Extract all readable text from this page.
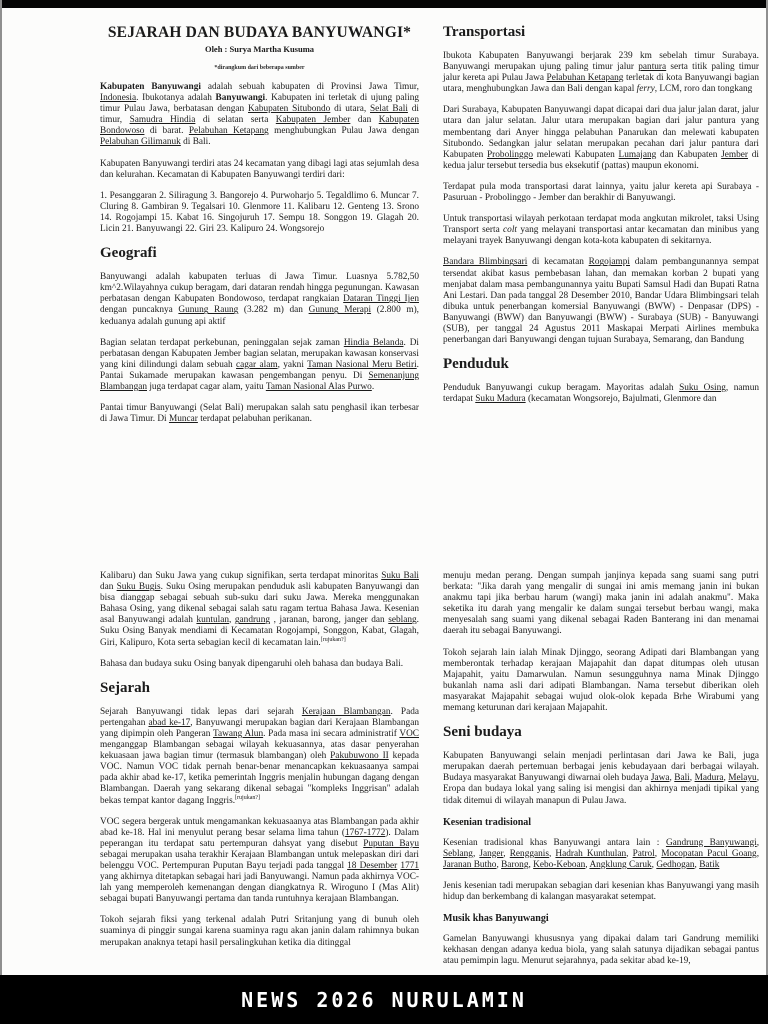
SEJARAH DAN BUDAYA BANYUWANGI*

Oleh : Surya Martha Kusuma

*dirangkum dari beberapa sumber

Kabupaten Banyuwangi adalah sebuah kabupaten di Provinsi Jawa Timur, Indonesia. Ibukotanya adalah Banyuwangi. Kabupaten ini terletak di ujung paling timur Pulau Jawa, berbatasan dengan Kabupaten Situbondo di utara, Selat Bali di timur, Samudra Hindia di selatan serta Kabupaten Jember dan Kabupaten Bondowoso di barat. Pelabuhan Ketapang menghubungkan Pulau Jawa dengan Pelabuhan Gilimanuk di Bali.

Kabupaten Banyuwangi terdiri atas 24 kecamatan yang dibagi lagi atas sejumlah desa dan kelurahan. Kecamatan di Kabupaten Banyuwangi terdiri dari:

1. Pesanggaran 2. Siliragung 3. Bangorejo 4. Purwoharjo 5. Tegaldlimo 6. Muncar 7. Cluring 8. Gambiran 9. Tegalsari 10. Glenmore 11. Kalibaru 12. Genteng 13. Srono 14. Rogojampi 15. Kabat 16. Singojuruh 17. Sempu 18. Songgon 19. Glagah 20. Licin 21. Banyuwangi 22. Giri 23. Kalipuro 24. Wongsorejo

Geografi

Banyuwangi adalah kabupaten terluas di Jawa Timur. Luasnya 5.782,50 km^2.Wilayahnya cukup beragam, dari dataran rendah hingga pegunungan. Kawasan perbatasan dengan Kabupaten Bondowoso, terdapat rangkaian Dataran Tinggi Ijen dengan puncaknya Gunung Raung (3.282 m) dan Gunung Merapi (2.800 m), keduanya adalah gunung api aktif

Bagian selatan terdapat perkebunan, peninggalan sejak zaman Hindia Belanda. Di perbatasan dengan Kabupaten Jember bagian selatan, merupakan kawasan konservasi yang kini dilindungi dalam sebuah cagar alam, yakni Taman Nasional Meru Betiri. Pantai Sukamade merupakan kawasan pengembangan penyu. Di Semenanjung Blambangan juga terdapat cagar alam, yaitu Taman Nasional Alas Purwo.

Pantai timur Banyuwangi (Selat Bali) merupakan salah satu penghasil ikan terbesar di Jawa Timur. Di Muncar terdapat pelabuhan perikanan.

Transportasi

Ibukota Kabupaten Banyuwangi berjarak 239 km sebelah timur Surabaya. Banyuwangi merupakan ujung paling timur jalur pantura serta titik paling timur jalur kereta api Pulau Jawa Pelabuhan Ketapang terletak di kota Banyuwangi bagian utara, menghubungkan Jawa dan Bali dengan kapal ferry, LCM, roro dan tongkang

Dari Surabaya, Kabupaten Banyuwangi dapat dicapai dari dua jalur jalan darat, jalur utara dan jalur selatan. Jalur utara merupakan bagian dari jalur pantura yang membentang dari Anyer hingga pelabuhan Panarukan dan melewati kabupaten Situbondo. Sedangkan jalur selatan merupakan pecahan dari jalur pantura dari Kabupaten Probolinggo melewati Kabupaten Lumajang dan Kabupaten Jember di kedua jalur tersebut tersedia bus eksekutif (pattas) maupun ekonomi.

Terdapat pula moda transportasi darat lainnya, yaitu jalur kereta api Surabaya - Pasuruan - Probolinggo - Jember dan berakhir di Banyuwangi.

Untuk transportasi wilayah perkotaan terdapat moda angkutan mikrolet, taksi Using Transport serta colt yang melayani transportasi antar kecamatan dan minibus yang melayani trayek Banyuwangi dengan kota-kota kabupaten di sekitarnya.

Bandara Blimbingsari di kecamatan Rogojampi dalam pembangunannya sempat tersendat akibat kasus pembebasan lahan, dan memakan korban 2 bupati yang menjabat dalam masa pembangunannya yaitu Bupati Samsul Hadi dan Bupati Ratna Ani Lestari. Dan pada tanggal 28 Desember 2010, Bandar Udara Blimbingsari telah dibuka untuk penerbangan komersial Banyuwangi (BWW) - Denpasar (DPS) - Banyuwangi (BWW) dan Banyuwangi (BWW) - Surabaya (SUB) - Banyuwangi (SUB), per tanggal 24 Agustus 2011 Maskapai Merpati Airlines membuka penerbangan dari Banyuwangi dengan tujuan Surabaya, Semarang, dan Bandung

Penduduk

Penduduk Banyuwangi cukup beragam. Mayoritas adalah Suku Osing, namun terdapat Suku Madura (kecamatan Wongsorejo, Bajulmati, Glenmore dan

Kalibaru) dan Suku Jawa yang cukup signifikan, serta terdapat minoritas Suku Bali dan Suku Bugis. Suku Osing merupakan penduduk asli kabupaten Banyuwangi dan bisa dianggap sebagai sebuah sub-suku dari suku Jawa. Mereka menggunakan Bahasa Osing, yang dikenal sebagai salah satu ragam tertua Bahasa Jawa. Kesenian asal Banyuwangi adalah kuntulan, gandrung , jaranan, barong, janger dan seblang. Suku Osing Banyak mendiami di Kecamatan Rogojampi, Songgon, Kabat, Glagah, Giri, Kalipuro, Kota serta sebagian kecil di kecamatan lain.[rujukan?]

Bahasa dan budaya suku Osing banyak dipengaruhi oleh bahasa dan budaya Bali.

Sejarah

Sejarah Banyuwangi tidak lepas dari sejarah Kerajaan Blambangan. Pada pertengahan abad ke-17, Banyuwangi merupakan bagian dari Kerajaan Blambangan yang dipimpin oleh Pangeran Tawang Alun. Pada masa ini secara administratif VOC menganggap Blambangan sebagai wilayah kekuasannya, atas dasar penyerahan kekuasaan jawa bagian timur (termasuk blambangan) oleh Pakubuwono II kepada VOC. Namun VOC tidak pernah benar-benar menancapkan kekuasaanya sampai pada akhir abad ke-17, ketika pemerintah Inggris menjalin hubungan dagang dengan Blambangan. Daerah yang sekarang dikenal sebagai "kompleks Inggrisan" adalah bekas tempat kantor dagang Inggris.[rujukan?]

VOC segera bergerak untuk mengamankan kekuasaanya atas Blambangan pada akhir abad ke-18. Hal ini menyulut perang besar selama lima tahun (1767-1772). Dalam peperangan itu terdapat satu pertempuran dahsyat yang disebut Puputan Bayu sebagai merupakan usaha terakhir Kerajaan Blambangan untuk melepaskan diri dari belenggu VOC. Pertempuran Puputan Bayu terjadi pada tanggal 18 Desember 1771 yang akhirnya ditetapkan sebagai hari jadi Banyuwangi. Namun pada akhirnya VOC-lah yang memperoleh kemenangan dengan diangkatnya R. Wiroguno I (Mas Alit) sebagai bupati Banyuwangi pertama dan tanda runtuhnya kerajaan Blambangan.

Tokoh sejarah fiksi yang terkenal adalah Putri Sritanjung yang di bunuh oleh suaminya di pinggir sungai karena suaminya ragu akan janin dalam rahimnya bukan merupakan anaknya tetapi hasil persalingkuhan ketika dia ditinggal

menuju medan perang. Dengan sumpah janjinya kepada sang suami sang putri berkata: "Jika darah yang mengalir di sungai ini amis memang janin ini bukan anakmu tapi jika berbau harum (wangi) maka janin ini adalah anakmu". Maka seketika itu darah yang mengalir ke dalam sungai tersebut berbau wangi, maka menyesalah sang suami yang dikenal sebagai Raden Banterang ini dan menamai daerah itu sebagai Banyuwangi.

Tokoh sejarah lain ialah Minak Djinggo, seorang Adipati dari Blambangan yang memberontak terhadap kerajaan Majapahit dan dapat ditumpas oleh utusan Majapahit, yaitu Damarwulan. Namun sesungguhnya nama Minak Djinggo bukanlah nama asli dari adipati Blambangan. Nama tersebut diberikan oleh masyarakat Majapahit sebagai wujud olok-olok kepada Brhe Wirabumi yang memang keturunan dari kerajaan Majapahit.

Seni budaya

Kabupaten Banyuwangi selain menjadi perlintasan dari Jawa ke Bali, juga merupakan daerah pertemuan berbagai jenis kebudayaan dari berbagai wilayah. Budaya masyarakat Banyuwangi diwarnai oleh budaya Jawa, Bali, Madura, Melayu, Eropa dan budaya lokal yang saling isi mengisi dan akhirnya menjadi tipikal yang tidak ditemui di wilayah manapun di Pulau Jawa.

Kesenian tradisional

Kesenian tradisional khas Banyuwangi antara lain : Gandrung Banyuwangi, Seblang, Janger, Rengganis, Hadrah Kunthulan, Patrol, Mocopatan Pacul Goang, Jaranan Butho, Barong, Kebo-Keboan, Angklung Caruk, Gedhogan, Batik

Jenis kesenian tadi merupakan sebagian dari kesenian khas Banyuwangi yang masih hidup dan berkembang di kalangan masyarakat setempat.

Musik khas Banyuwangi

Gamelan Banyuwangi khususnya yang dipakai dalam tari Gandrung memiliki kekhasan dengan adanya kedua biola, yang salah satunya dijadikan sebagai pantus atau pemimpin lagu. Menurut sejarahnya, pada sekitar abad ke-19,

NEWS 2026 NURULAMIN
